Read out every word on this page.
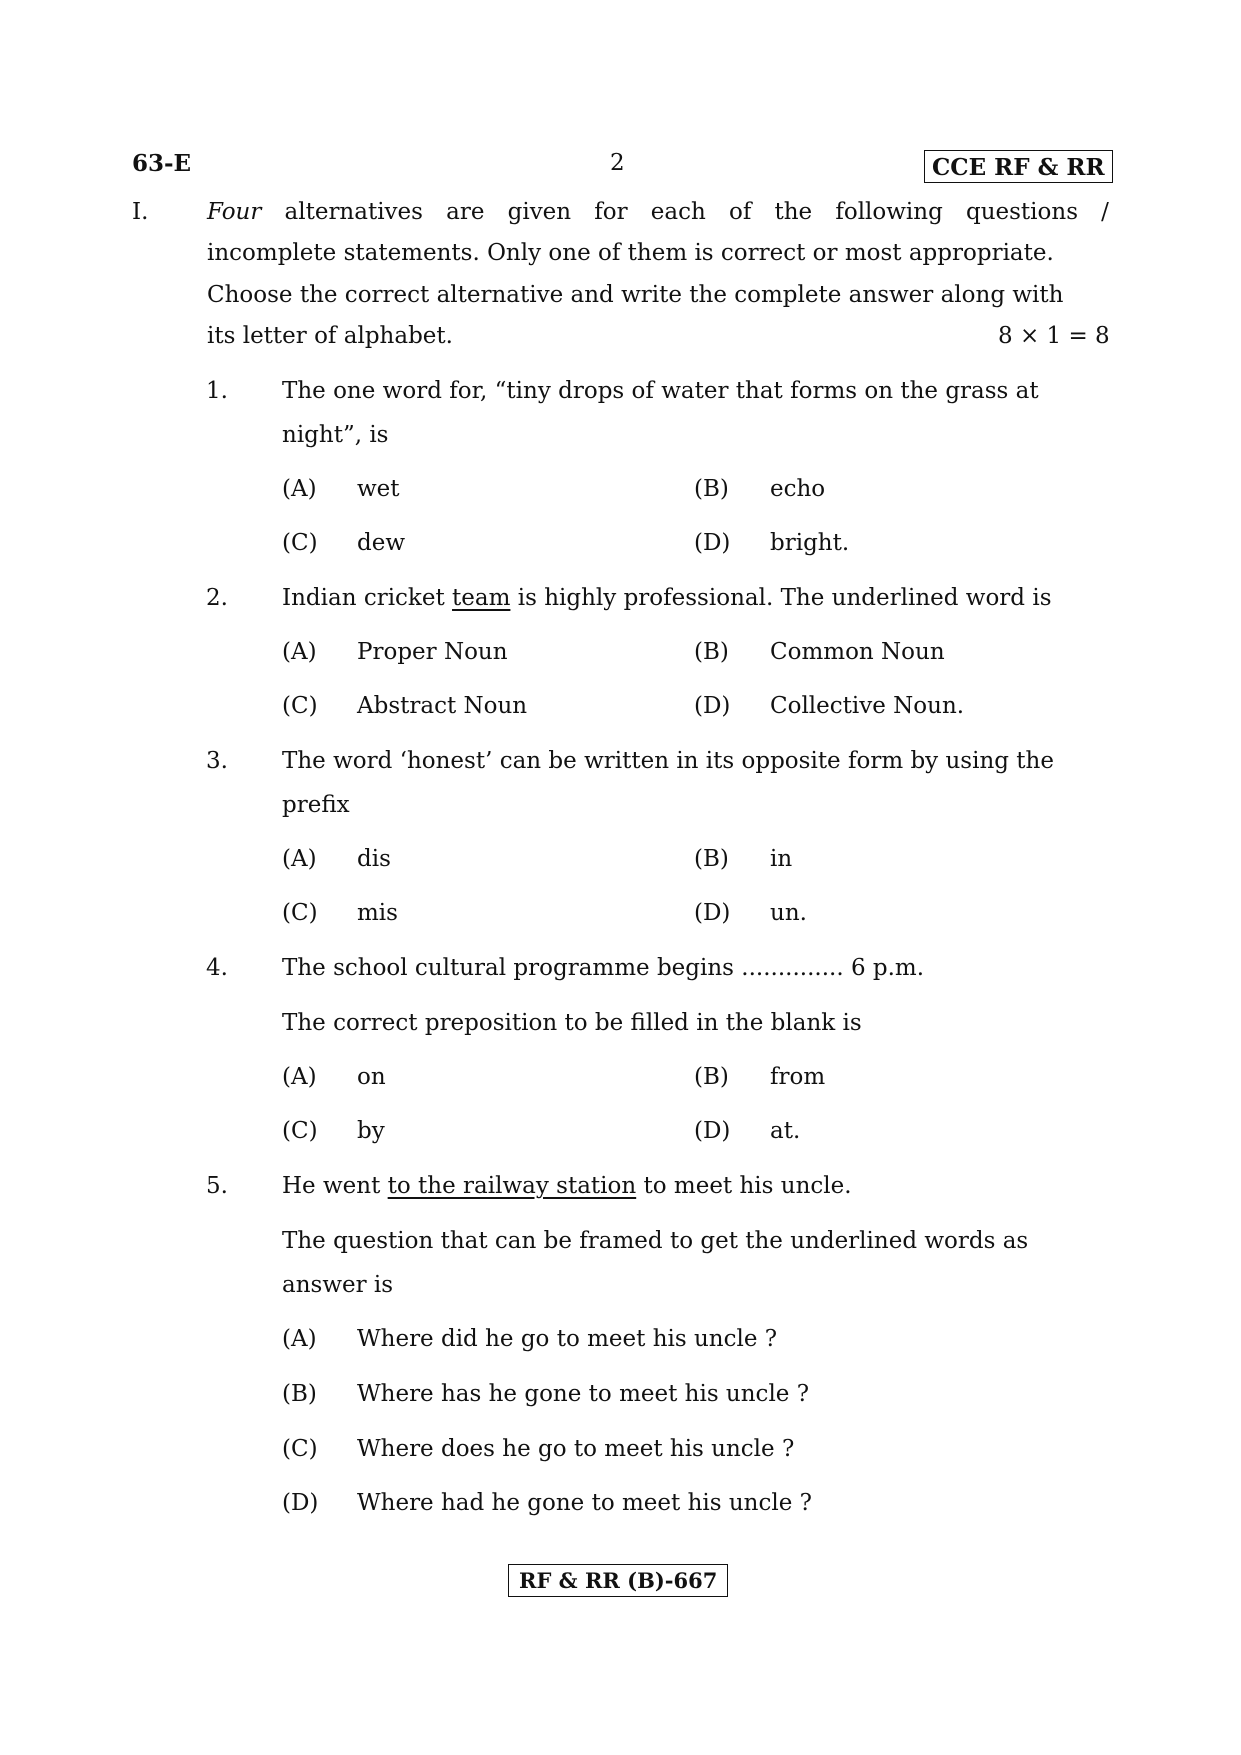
63-E	2	CCE RF & RR
I.	Four alternatives are given for each of the following questions /
incomplete statements. Only one of them is correct or most appropriate.
Choose the correct alternative and write the complete answer along with
its letter of alphabet.	8 × 1 = 8
1. The one word for, “tiny drops of water that forms on the grass at
night”, is
(A) wet	(B) echo
(C) dew	(D) bright.
2. Indian cricket team is highly professional. The underlined word is
(A) Proper Noun	(B) Common Noun
(C) Abstract Noun	(D) Collective Noun.
3. The word ‘honest’ can be written in its opposite form by using the
prefix
(A) dis	(B) in
(C) mis	(D) un.
4. The school cultural programme begins .............. 6 p.m.
The correct preposition to be filled in the blank is
(A) on	(B) from
(C) by	(D) at.
5. He went to the railway station to meet his uncle.
The question that can be framed to get the underlined words as
answer is
(A) Where did he go to meet his uncle ?
(B) Where has he gone to meet his uncle ?
(C) Where does he go to meet his uncle ?
(D) Where had he gone to meet his uncle ?
RF & RR (B)-667
